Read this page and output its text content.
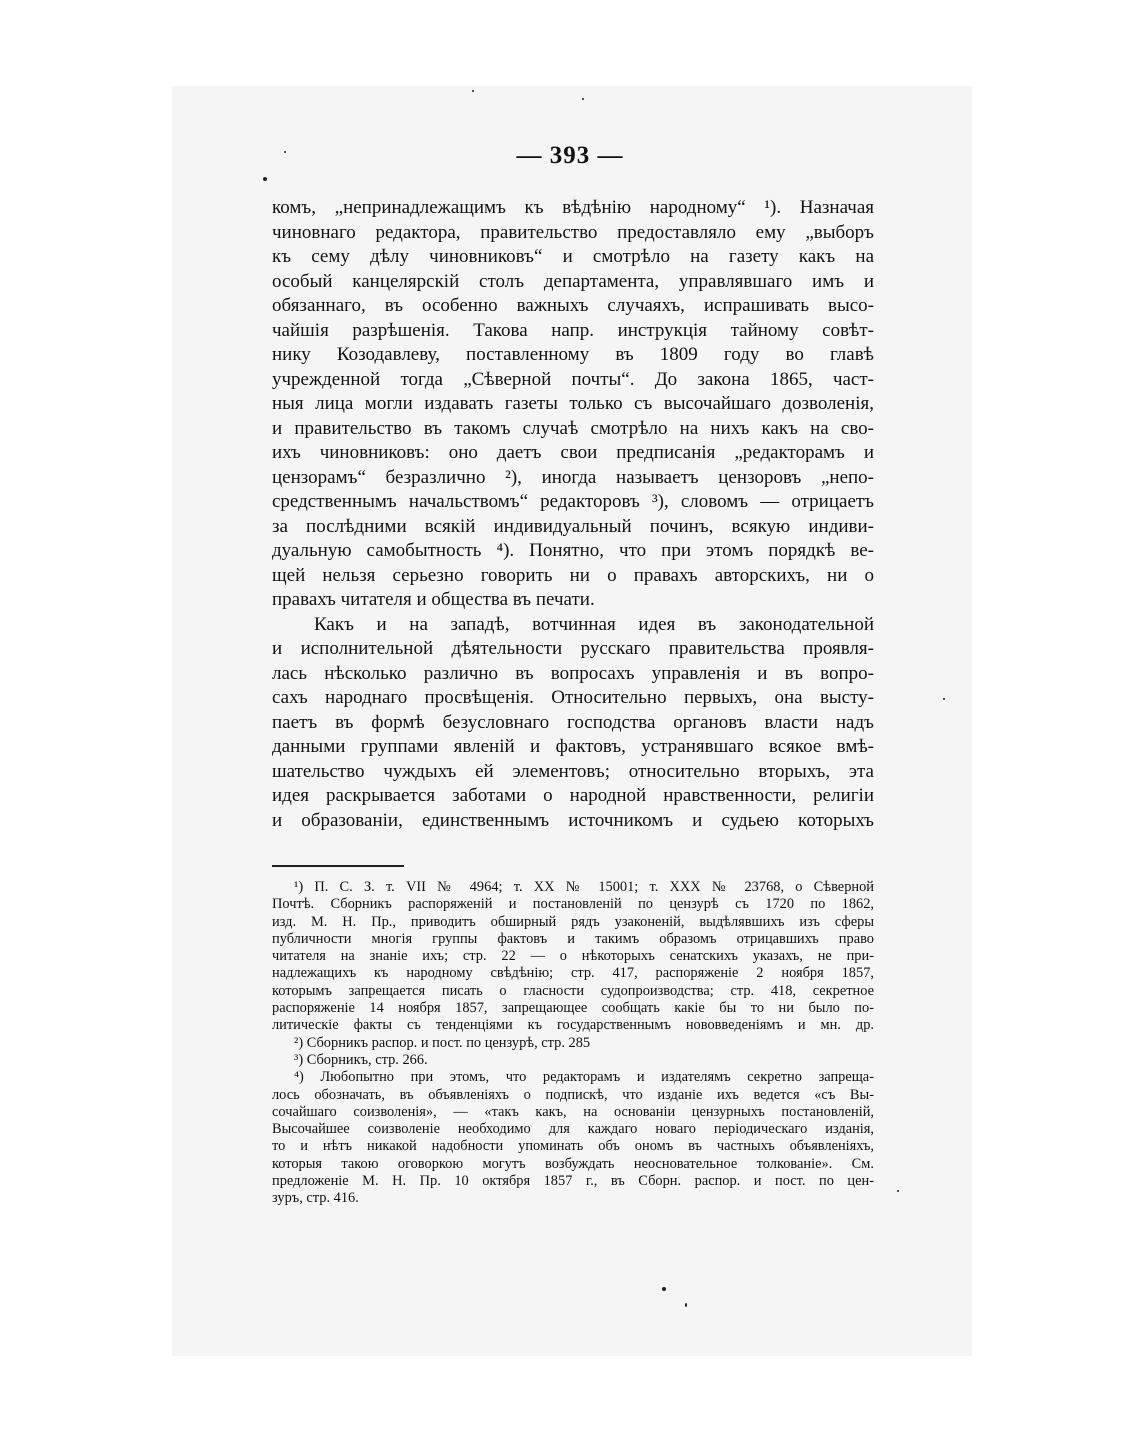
— 393 —
комъ, „непринадлежащимъ къ вѣдѣнію народному“ ¹). Назначая
чиновнаго редактора, правительство предоставляло ему „выборъ
къ сему дѣлу чиновниковъ“ и смотрѣло на газету какъ на
особый канцелярскій столъ департамента, управлявшаго имъ и
обязаннаго, въ особенно важныхъ случаяхъ, испрашивать высо-
чайшія разрѣшенія. Такова напр. инструкція тайному совѣт-
нику Козодавлеву, поставленному въ 1809 году во главѣ
учрежденной тогда „Сѣверной почты“. До закона 1865, част-
ныя лица могли издавать газеты только съ высочайшаго дозволенія,
и правительство въ такомъ случаѣ смотрѣло на нихъ какъ на сво-
ихъ чиновниковъ: оно даетъ свои предписанія „редакторамъ и
цензорамъ“ безразлично ²), иногда называетъ цензоровъ „непо-
средственнымъ начальствомъ“ редакторовъ ³), словомъ — отрицаетъ
за послѣдними всякій индивидуальный починъ, всякую индиви-
дуальную самобытность ⁴). Понятно, что при этомъ порядкѣ ве-
щей нельзя серьезно говорить ни о правахъ авторскихъ, ни о
правахъ читателя и общества въ печати.
Какъ и на западѣ, вотчинная идея въ законодательной
и исполнительной дѣятельности русскаго правительства проявля-
лась нѣсколько различно въ вопросахъ управленія и въ вопро-
сахъ народнаго просвѣщенія. Относительно первыхъ, она высту-
паетъ въ формѣ безусловнаго господства органовъ власти надъ
данными группами явленій и фактовъ, устранявшаго всякое вмѣ-
шательство чуждыхъ ей элементовъ; относительно вторыхъ, эта
идея раскрывается заботами о народной нравственности, религіи
и образованіи, единственнымъ источникомъ и судьею которыхъ
¹) П. С. З. т. VII № 4964; т. XX № 15001; т. XXX № 23768, о Сѣверной
Почтѣ. Сборникъ распоряженій и постановленій по цензурѣ съ 1720 по 1862,
изд. М. Н. Пр., приводитъ обширный рядъ узаконеній, выдѣлявшихъ изъ сферы
публичности многія группы фактовъ и такимъ образомъ отрицавшихъ право
читателя на знаніе ихъ; стр. 22 — о нѣкоторыхъ сенатскихъ указахъ, не при-
надлежащихъ къ народному свѣдѣнію; стр. 417, распоряженіе 2 ноября 1857,
которымъ запрещается писать о гласности судопроизводства; стр. 418, секретное
распоряженіе 14 ноября 1857, запрещающее сообщать какіе бы то ни было по-
литическіе факты съ тенденціями къ государственнымъ нововведеніямъ и мн. др.
²) Сборникъ распор. и пост. по цензурѣ, стр. 285
³) Сборникъ, стр. 266.
⁴) Любопытно при этомъ, что редакторамъ и издателямъ секретно запреща-
лось обозначать, въ объявленіяхъ о подпискѣ, что изданіе ихъ ведется «съ Вы-
сочайшаго соизволенія», — «такъ какъ, на основаніи цензурныхъ постановленій,
Высочайшее соизволеніе необходимо для каждаго новаго періодическаго изданія,
то и нѣтъ никакой надобности упоминать объ ономъ въ частныхъ объявленіяхъ,
которыя такою оговоркою могутъ возбуждать неосновательное толкованіе». См.
предложеніе М. Н. Пр. 10 октября 1857 г., въ Сборн. распор. и пост. по цен-
зуръ, стр. 416.
